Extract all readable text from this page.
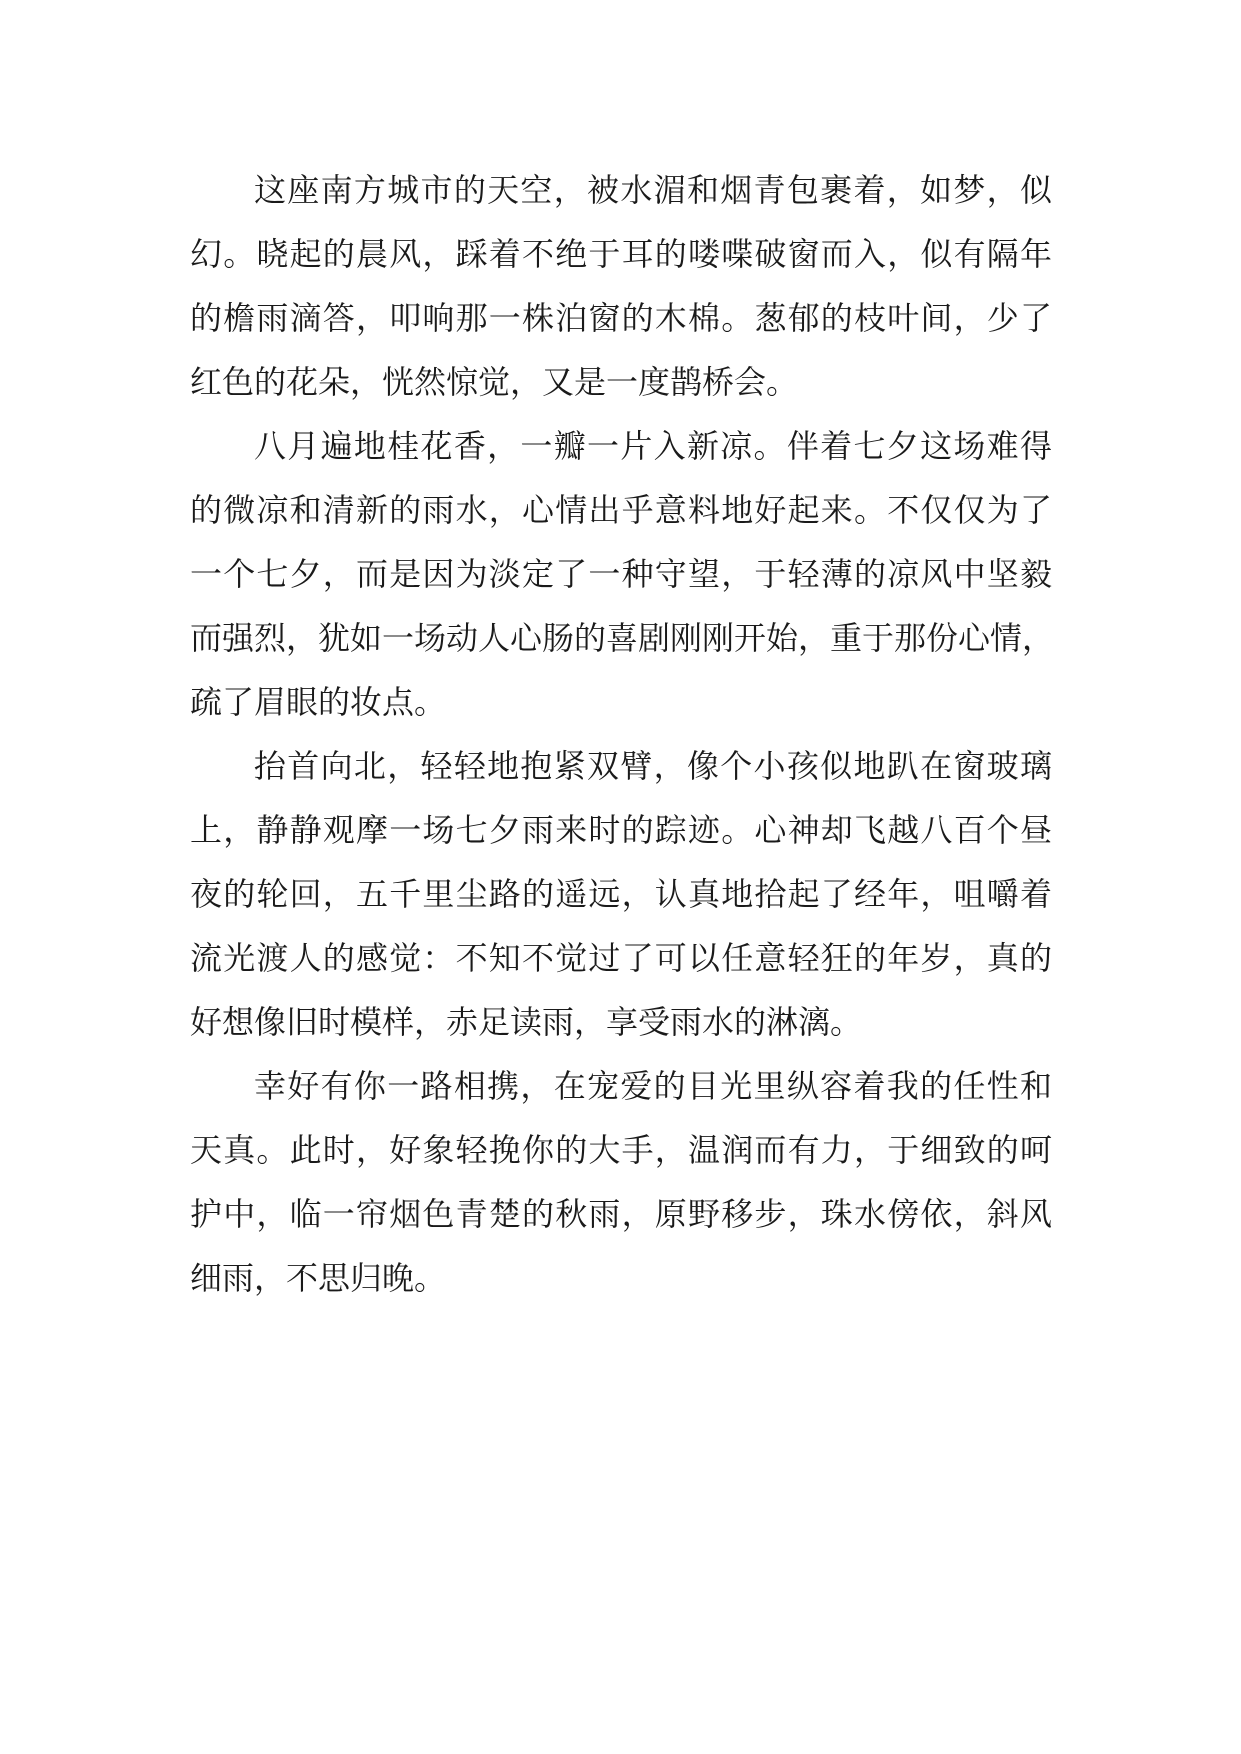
这座南方城市的天空，被水湄和烟青包裹着，如梦，似
幻。晓起的晨风，踩着不绝于耳的喽喋破窗而入，似有隔年
的檐雨滴答，叩响那一株泊窗的木棉。葱郁的枝叶间，少了
红色的花朵，恍然惊觉，又是一度鹊桥会。
八月遍地桂花香，一瓣一片入新凉。伴着七夕这场难得
的微凉和清新的雨水，心情出乎意料地好起来。不仅仅为了
一个七夕，而是因为淡定了一种守望，于轻薄的凉风中坚毅
而强烈，犹如一场动人心肠的喜剧刚刚开始，重于那份心情，
疏了眉眼的妆点。
抬首向北，轻轻地抱紧双臂，像个小孩似地趴在窗玻璃
上，静静观摩一场七夕雨来时的踪迹。心神却飞越八百个昼
夜的轮回，五千里尘路的遥远，认真地拾起了经年，咀嚼着
流光渡人的感觉：不知不觉过了可以任意轻狂的年岁，真的
好想像旧时模样，赤足读雨，享受雨水的淋漓。
幸好有你一路相携，在宠爱的目光里纵容着我的任性和
天真。此时，好象轻挽你的大手，温润而有力，于细致的呵
护中，临一帘烟色青楚的秋雨，原野移步，珠水傍依，斜风
细雨，不思归晚。
